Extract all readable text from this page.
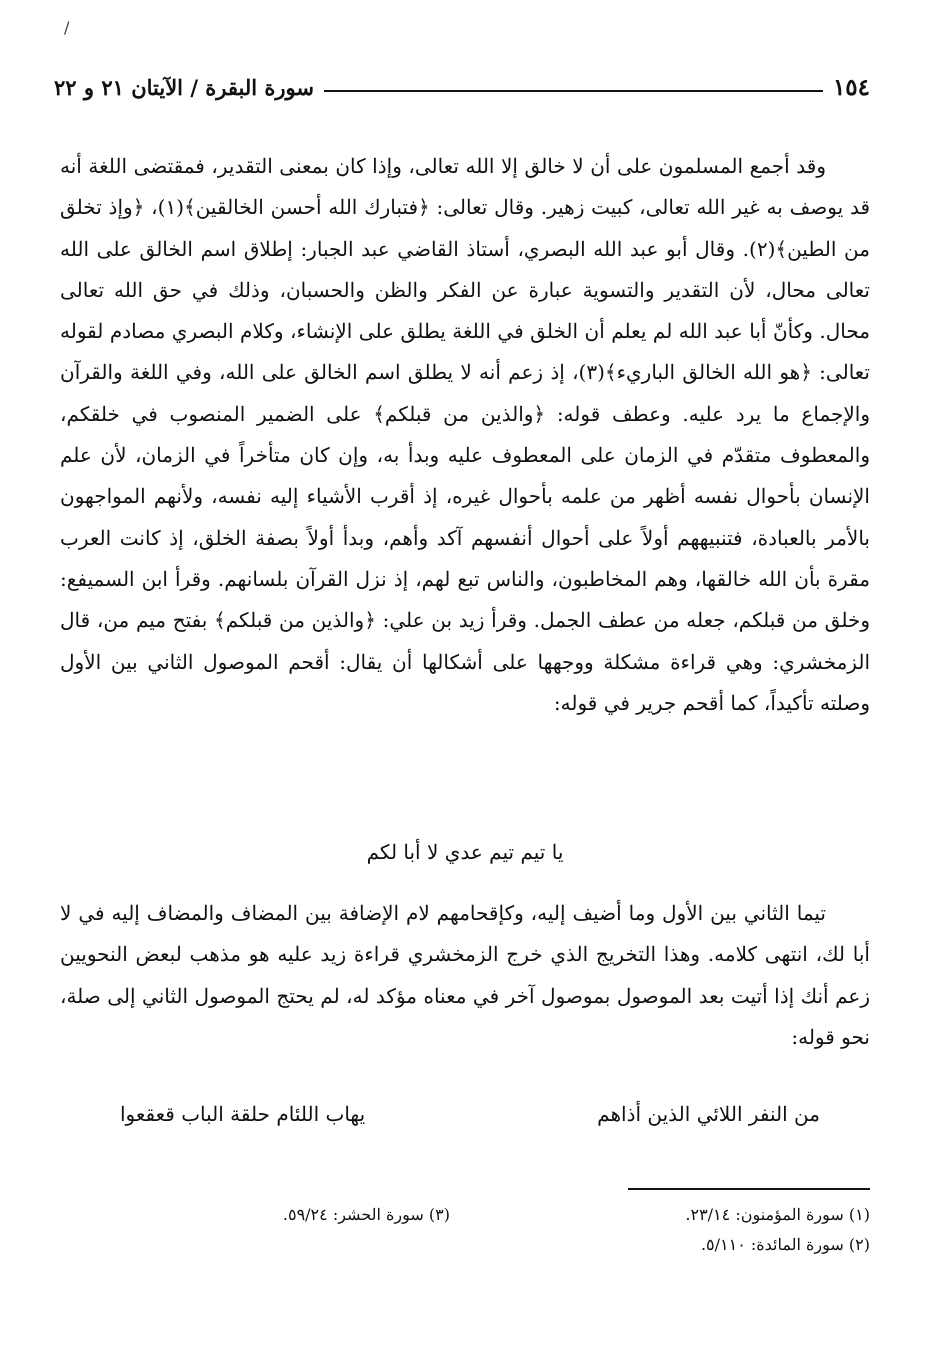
/
١٥٤
سورة البقرة / الآيتان ٢١ و ٢٢

وقد أجمع المسلمون على أن لا خالق إلا الله تعالى، وإذا كان بمعنى التقدير، فمقتضى اللغة أنه قد يوصف به غير الله تعالى، كبيت زهير. وقال تعالى: ﴿فتبارك الله أحسن الخالقين﴾(١)، ﴿وإذ تخلق من الطين﴾(٢). وقال أبو عبد الله البصري، أستاذ القاضي عبد الجبار: إطلاق اسم الخالق على الله تعالى محال، لأن التقدير والتسوية عبارة عن الفكر والظن والحسبان، وذلك في حق الله تعالى محال. وكأنّ أبا عبد الله لم يعلم أن الخلق في اللغة يطلق على الإنشاء، وكلام البصري مصادم لقوله تعالى: ﴿هو الله الخالق الباريء﴾(٣)، إذ زعم أنه لا يطلق اسم الخالق على الله، وفي اللغة والقرآن والإجماع ما يرد عليه. وعطف قوله: ﴿والذين من قبلكم﴾ على الضمير المنصوب في خلقكم، والمعطوف متقدّم في الزمان على المعطوف عليه وبدأ به، وإن كان متأخراً في الزمان، لأن علم الإنسان بأحوال نفسه أظهر من علمه بأحوال غيره، إذ أقرب الأشياء إليه نفسه، ولأنهم المواجهون بالأمر بالعبادة، فتنبيههم أولاً على أحوال أنفسهم آكد وأهم، وبدأ أولاً بصفة الخلق، إذ كانت العرب مقرة بأن الله خالقها، وهم المخاطبون، والناس تبع لهم، إذ نزل القرآن بلسانهم. وقرأ ابن السميفع: وخلق من قبلكم، جعله من عطف الجمل. وقرأ زيد بن علي: ﴿والذين من قبلكم﴾ بفتح ميم من، قال الزمخشري: وهي قراءة مشكلة ووجهها على أشكالها أن يقال: أقحم الموصول الثاني بين الأول وصلته تأكيداً، كما أقحم جرير في قوله:

يا تيم تيم عدي لا أبا لكم

تيما الثاني بين الأول وما أضيف إليه، وكإقحامهم لام الإضافة بين المضاف والمضاف إليه في لا أبا لك، انتهى كلامه. وهذا التخريج الذي خرج الزمخشري قراءة زيد عليه هو مذهب لبعض النحويين زعم أنك إذا أتيت بعد الموصول بموصول آخر في معناه مؤكد له، لم يحتج الموصول الثاني إلى صلة، نحو قوله:

من النفر اللائي الذين أذاهم
يهاب اللئام حلقة الباب قعقعوا
(١) سورة المؤمنون: ٢٣/١٤.
(٣) سورة الحشر: ٥٩/٢٤.
(٢) سورة المائدة: ٥/١١٠.
